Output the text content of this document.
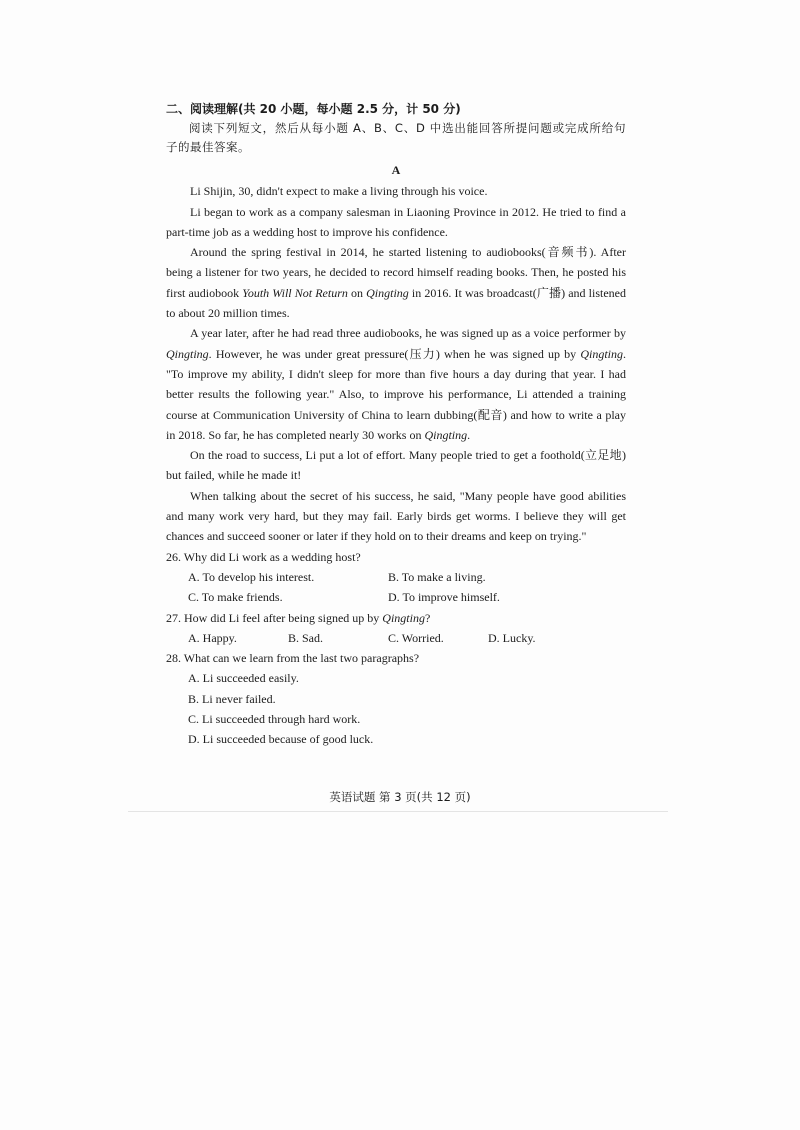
二、阅读理解(共 20 小题，每小题 2.5 分，计 50 分)

阅读下列短文，然后从每小题 A、B、C、D 中选出能回答所提问题或完成所给句子的最佳答案。

A

Li Shijin, 30, didn't expect to make a living through his voice.

Li began to work as a company salesman in Liaoning Province in 2012. He tried to find a part-time job as a wedding host to improve his confidence.

Around the spring festival in 2014, he started listening to audiobooks(音频书). After being a listener for two years, he decided to record himself reading books. Then, he posted his first audiobook Youth Will Not Return on Qingting in 2016. It was broadcast(广播) and listened to about 20 million times.

A year later, after he had read three audiobooks, he was signed up as a voice performer by Qingting. However, he was under great pressure(压力) when he was signed up by Qingting. "To improve my ability, I didn't sleep for more than five hours a day during that year. I had better results the following year." Also, to improve his performance, Li attended a training course at Communication University of China to learn dubbing(配音) and how to write a play in 2018. So far, he has completed nearly 30 works on Qingting.

On the road to success, Li put a lot of effort. Many people tried to get a foothold(立足地) but failed, while he made it!

When talking about the secret of his success, he said, "Many people have good abilities and many work very hard, but they may fail. Early birds get worms. I believe they will get chances and succeed sooner or later if they hold on to their dreams and keep on trying."

26. Why did Li work as a wedding host?

A. To develop his interest.	B. To make a living.
C. To make friends.	D. To improve himself.

27. How did Li feel after being signed up by Qingting?

A. Happy.	B. Sad.	C. Worried.	D. Lucky.

28. What can we learn from the last two paragraphs?

A. Li succeeded easily.
B. Li never failed.
C. Li succeeded through hard work.
D. Li succeeded because of good luck.
英语试题 第 3 页(共 12 页)
